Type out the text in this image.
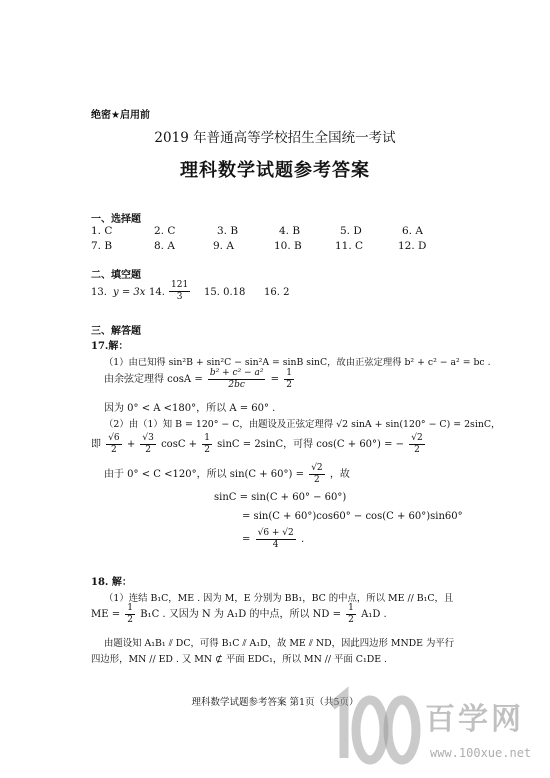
绝密★启用前
2019 年普通高等学校招生全国统一考试
理科数学试题参考答案
一、选择题
1. C	2. C	3. B	4. B	5. D	6. A
7. B	8. A	9. A	10. B	11. C	12. D
二、填空题
13. y = 3x 14. $\frac{121}{3} 15$. 0.18 16. 2
三、解答题
17.解：
（1）由已知得 sin²B + sin²C − sin²A = sinB sinC，故由正弦定理得 b² + c² − a² = bc .
由余弦定理得 $\cos A = \frac{\text{b² + c² − a²}}{2bc} = \frac{1}{2}$
因为 0° < A <180°，所以 A = 60° .
（2）由（1）知 B = 120° − C，由题设及正弦定理得 √2 sinA + sin(120° − C) = 2sinC，
即 $\frac{√6}{2} + \frac{√3}{2}$ $\cos C + \frac{1}{2}$ sinC = 2sinC，可得 cos(C + 60°) = − $\frac{√2}{2}$
由于 0° < C <120°，所以 $\sin(C + 60^\circ) = \frac{√2}{2}$ ，故
sinC = sin(C + 60° − 60°)
= sin(C + 60°)cos60° − cos(C + 60°)sin60°
= $\frac{√6 + √2}{4}$ .
18. 解：
（1）连结 B₁C，ME . 因为 M，E 分别为 BB₁，BC 的中点，所以 ME // B₁C，且
ME = $\frac{1}{2} B_1C$ . 又因为 N 为 A₁D 的中点，所以 ND = $\frac{1}{2} A_1D$ .
由题设知 A₁B₁ ⫽ DC，可得 B₁C ⫽ A₁D，故 ME ⫽ ND，因此四边形 MNDE 为平行
四边形，MN // ED . 又 MN ⊄ 平面 EDC₁，所以 MN // 平面 C₁DE .
理科数学试题参考答案 第1页（共5页）	百学网
www.100xue.net
